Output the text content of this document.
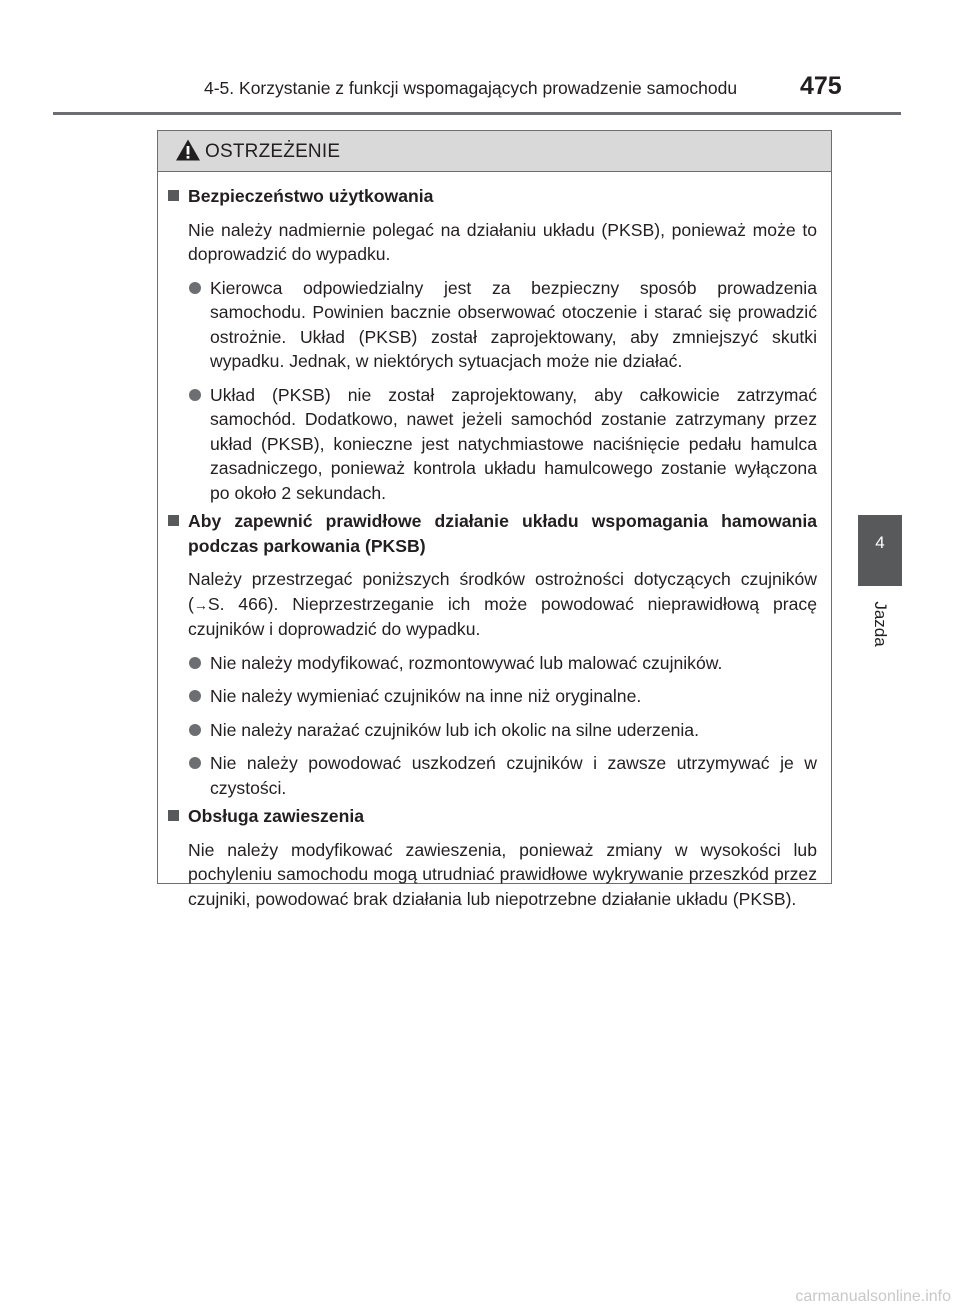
4-5. Korzystanie z funkcji wspomagających prowadzenie samochodu	475
4
Jazda
OSTRZEŻENIE
Bezpieczeństwo użytkowania
Nie należy nadmiernie polegać na działaniu układu (PKSB), ponieważ może to doprowadzić do wypadku.
Kierowca odpowiedzialny jest za bezpieczny sposób prowadzenia samochodu. Powinien bacznie obserwować otoczenie i starać się prowadzić ostrożnie. Układ (PKSB) został zaprojektowany, aby zmniejszyć skutki wypadku. Jednak, w niektórych sytuacjach może nie działać.
Układ (PKSB) nie został zaprojektowany, aby całkowicie zatrzymać samochód. Dodatkowo, nawet jeżeli samochód zostanie zatrzymany przez układ (PKSB), konieczne jest natychmiastowe naciśnięcie pedału hamulca zasadniczego, ponieważ kontrola układu hamulcowego zostanie wyłączona po około 2 sekundach.
Aby zapewnić prawidłowe działanie układu wspomagania hamowania podczas parkowania (PKSB)
Należy przestrzegać poniższych środków ostrożności dotyczących czujników (→S. 466). Nieprzestrzeganie ich może powodować nieprawidłową pracę czujników i doprowadzić do wypadku.
Nie należy modyfikować, rozmontowywać lub malować czujników.
Nie należy wymieniać czujników na inne niż oryginalne.
Nie należy narażać czujników lub ich okolic na silne uderzenia.
Nie należy powodować uszkodzeń czujników i zawsze utrzymywać je w czystości.
Obsługa zawieszenia
Nie należy modyfikować zawieszenia, ponieważ zmiany w wysokości lub pochyleniu samochodu mogą utrudniać prawidłowe wykrywanie przeszkód przez czujniki, powodować brak działania lub niepotrzebne działanie układu (PKSB).
carmanualsonline.info
